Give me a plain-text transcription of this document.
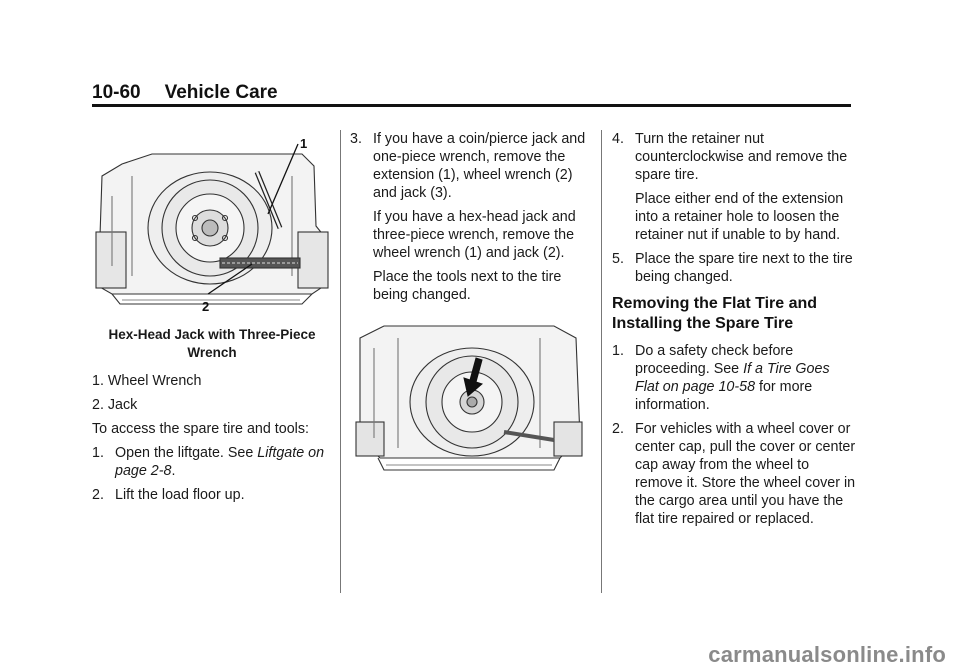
10-60 Vehicle Care
1
2

Hex-Head Jack with Three-Piece Wrench

1. Wheel Wrench

2. Jack

To access the spare tire and tools:

1. Open the liftgate. See Liftgate on page 2-8.

2. Lift the load floor up.

3. If you have a coin/pierce jack and one-piece wrench, remove the extension (1), wheel wrench (2) and jack (3).

If you have a hex-head jack and three-piece wrench, remove the wheel wrench (1) and jack (2).

Place the tools next to the tire being changed.

4. Turn the retainer nut counterclockwise and remove the spare tire.

Place either end of the extension into a retainer hole to loosen the retainer nut if unable to by hand.

5. Place the spare tire next to the tire being changed.

Removing the Flat Tire and Installing the Spare Tire

1. Do a safety check before proceeding. See If a Tire Goes Flat on page 10-58 for more information.

2. For vehicles with a wheel cover or center cap, pull the cover or center cap away from the wheel to remove it. Store the wheel cover in the cargo area until you have the flat tire repaired or replaced.

carmanualsonline.info
